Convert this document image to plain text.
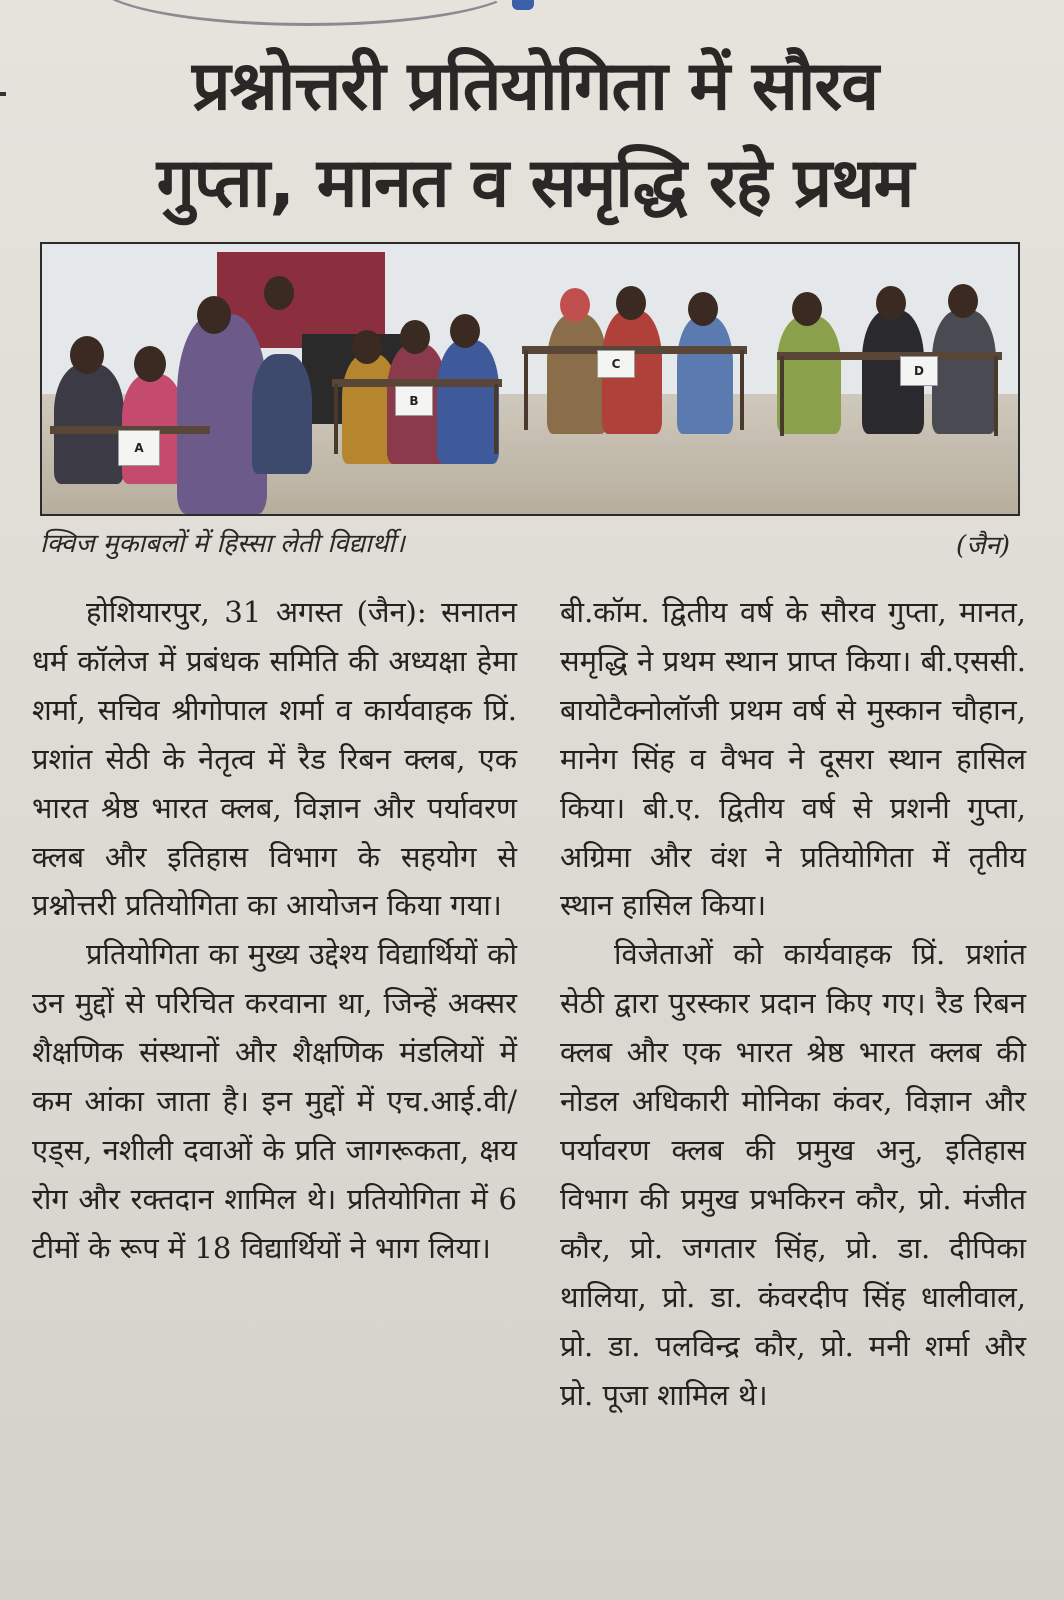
प्रश्नोत्तरी प्रतियोगिता में सौरव
गुप्ता, मानत व समृद्धि रहे प्रथम
A
B
C	D
क्विज मुकाबलों में हिस्सा लेती विद्यार्थी।	(जैन)

होशियारपुर, 31 अगस्त (जैन): सनातन धर्म कॉलेज में प्रबंधक समिति की अध्यक्षा हेमा शर्मा, सचिव श्रीगोपाल शर्मा व कार्यवाहक प्रिं. प्रशांत सेठी के नेतृत्व में रैड रिबन क्लब, एक भारत श्रेष्ठ भारत क्लब, विज्ञान और पर्यावरण क्लब और इतिहास विभाग के सहयोग से प्रश्नोत्तरी प्रतियोगिता का आयोजन किया गया।

प्रतियोगिता का मुख्य उद्देश्य विद्यार्थियों को उन मुद्दों से परिचित करवाना था, जिन्हें अक्सर शैक्षणिक संस्थानों और शैक्षणिक मंडलियों में कम आंका जाता है। इन मुद्दों में एच.आई.वी/एड्स, नशीली दवाओं के प्रति जागरूकता, क्षय रोग और रक्तदान शामिल थे। प्रतियोगिता में 6 टीमों के रूप में 18 विद्यार्थियों ने भाग लिया।

बी.कॉम. द्वितीय वर्ष के सौरव गुप्ता, मानत, समृद्धि ने प्रथम स्थान प्राप्त किया। बी.एससी. बायोटैक्नोलॉजी प्रथम वर्ष से मुस्कान चौहान, मानेग सिंह व वैभव ने दूसरा स्थान हासिल किया। बी.ए. द्वितीय वर्ष से प्रशनी गुप्ता, अग्रिमा और वंश ने प्रतियोगिता में तृतीय स्थान हासिल किया।

विजेताओं को कार्यवाहक प्रिं. प्रशांत सेठी द्वारा पुरस्कार प्रदान किए गए। रैड रिबन क्लब और एक भारत श्रेष्ठ भारत क्लब की नोडल अधिकारी मोनिका कंवर, विज्ञान और पर्यावरण क्लब की प्रमुख अनु, इतिहास विभाग की प्रमुख प्रभकिरन कौर, प्रो. मंजीत कौर, प्रो. जगतार सिंह, प्रो. डा. दीपिका थालिया, प्रो. डा. कंवरदीप सिंह धालीवाल, प्रो. डा. पलविन्द्र कौर, प्रो. मनी शर्मा और प्रो. पूजा शामिल थे।
